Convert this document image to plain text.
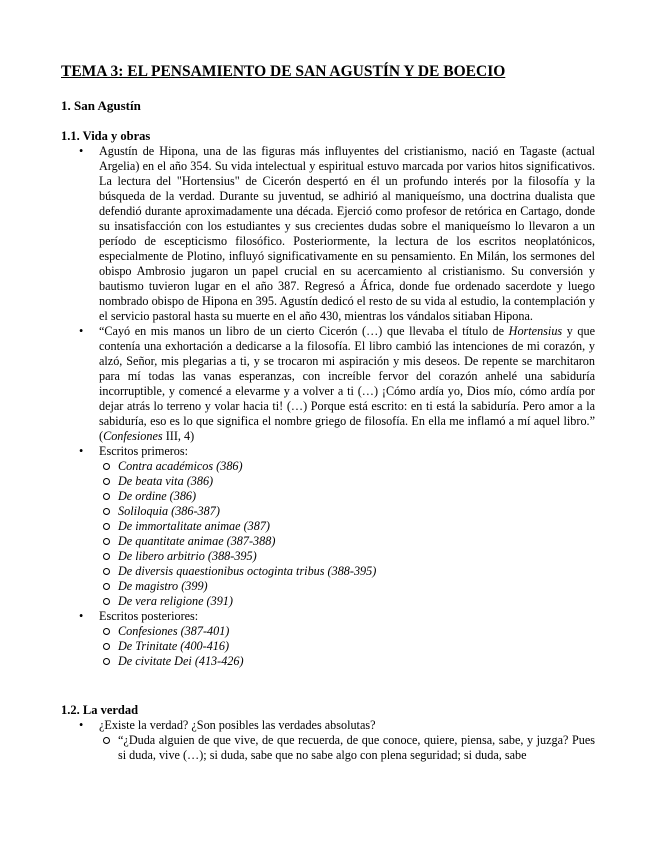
TEMA 3: EL PENSAMIENTO DE SAN AGUSTÍN Y DE BOECIO
1. San Agustín
1.1. Vida y obras

• Agustín de Hipona, una de las figuras más influyentes del cristianismo, nació en Tagaste (actual Argelia) en el año 354. Su vida intelectual y espiritual estuvo marcada por varios hitos significativos. La lectura del "Hortensius" de Cicerón despertó en él un profundo interés por la filosofía y la búsqueda de la verdad. Durante su juventud, se adhirió al maniqueísmo, una doctrina dualista que defendió durante aproximadamente una década. Ejerció como profesor de retórica en Cartago, donde su insatisfacción con los estudiantes y sus crecientes dudas sobre el maniqueísmo lo llevaron a un período de escepticismo filosófico. Posteriormente, la lectura de los escritos neoplatónicos, especialmente de Plotino, influyó significativamente en su pensamiento. En Milán, los sermones del obispo Ambrosio jugaron un papel crucial en su acercamiento al cristianismo. Su conversión y bautismo tuvieron lugar en el año 387. Regresó a África, donde fue ordenado sacerdote y luego nombrado obispo de Hipona en 395. Agustín dedicó el resto de su vida al estudio, la contemplación y el servicio pastoral hasta su muerte en el año 430, mientras los vándalos sitiaban Hipona.

• “Cayó en mis manos un libro de un cierto Cicerón (…) que llevaba el título de Hortensius y que contenía una exhortación a dedicarse a la filosofía. El libro cambió las intenciones de mi corazón, y alzó, Señor, mis plegarias a ti, y se trocaron mi aspiración y mis deseos. De repente se marchitaron para mí todas las vanas esperanzas, con increíble fervor del corazón anhelé una sabiduría incorruptible, y comencé a elevarme y a volver a ti (…) ¡Cómo ardía yo, Dios mío, cómo ardía por dejar atrás lo terreno y volar hacia ti! (…) Porque está escrito: en ti está la sabiduría. Pero amor a la sabiduría, eso es lo que significa el nombre griego de filosofía. En ella me inflamó a mí aquel libro.” (Confesiones III, 4)

• Escritos primeros:
Contra académicos (386)
De beata vita (386)
De ordine (386)
Soliloquia (386-387)
De immortalitate animae (387)
De quantitate animae (387-388)
De libero arbitrio (388-395)
De diversis quaestionibus octoginta tribus (388-395)
De magistro (399)
De vera religione (391)
• Escritos posteriores:
Confesiones (387-401)
De Trinitate (400-416)
De civitate Dei (413-426)
1.2. La verdad
• ¿Existe la verdad? ¿Son posibles las verdades absolutas?

“¿Duda alguien de que vive, de que recuerda, de que conoce, quiere, piensa, sabe, y juzga? Pues si duda, vive (…); si duda, sabe que no sabe algo con plena seguridad; si duda, sabe
